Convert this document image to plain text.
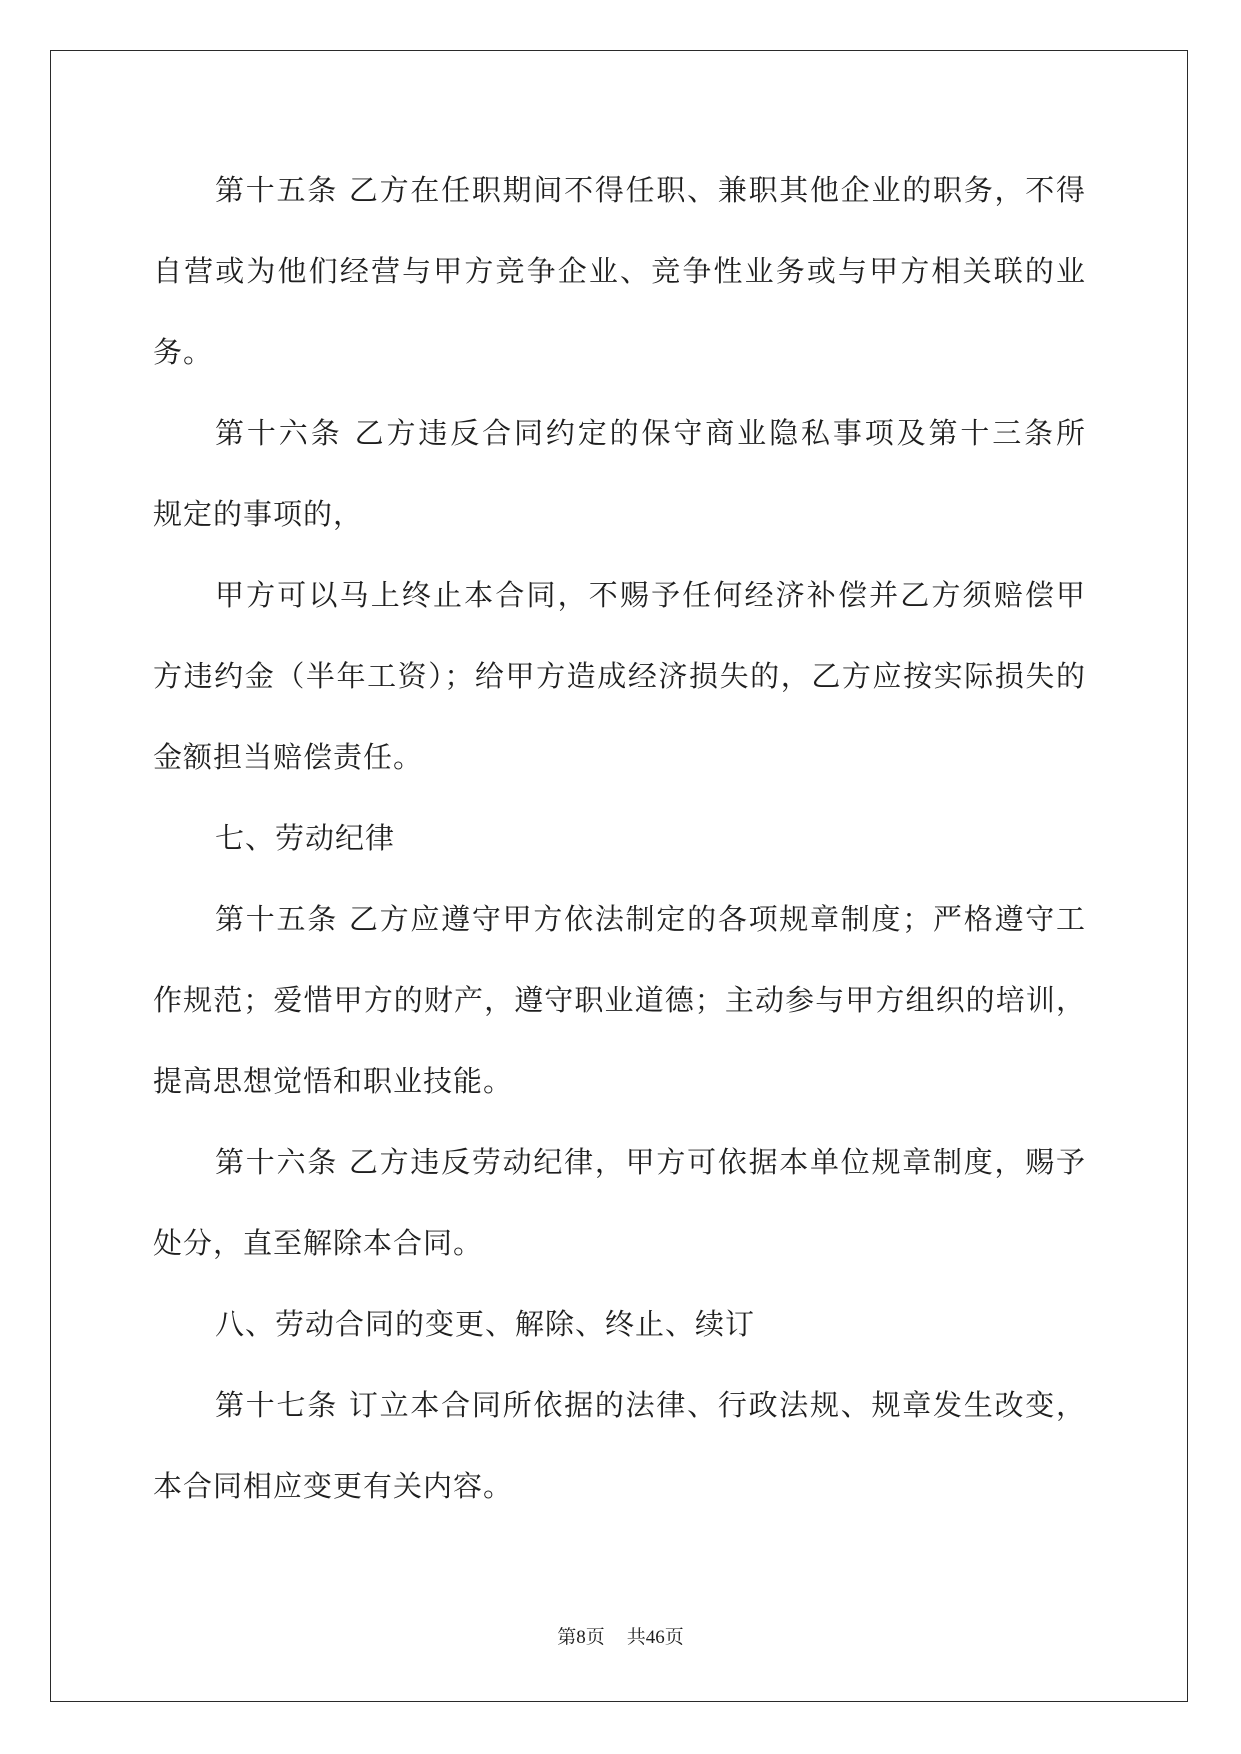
第十五条 乙方在任职期间不得任职、兼职其他企业的职务，不得
自营或为他们经营与甲方竞争企业、竞争性业务或与甲方相关联的业
务。
第十六条 乙方违反合同约定的保守商业隐私事项及第十三条所
规定的事项的，
甲方可以马上终止本合同，不赐予任何经济补偿并乙方须赔偿甲
方违约金（半年工资）；给甲方造成经济损失的，乙方应按实际损失的
金额担当赔偿责任。
七、劳动纪律
第十五条 乙方应遵守甲方依法制定的各项规章制度；严格遵守工
作规范；爱惜甲方的财产，遵守职业道德；主动参与甲方组织的培训，
提高思想觉悟和职业技能。
第十六条 乙方违反劳动纪律，甲方可依据本单位规章制度，赐予
处分，直至解除本合同。
八、劳动合同的变更、解除、终止、续订
第十七条 订立本合同所依据的法律、行政法规、规章发生改变，
本合同相应变更有关内容。
第8页 共46页
